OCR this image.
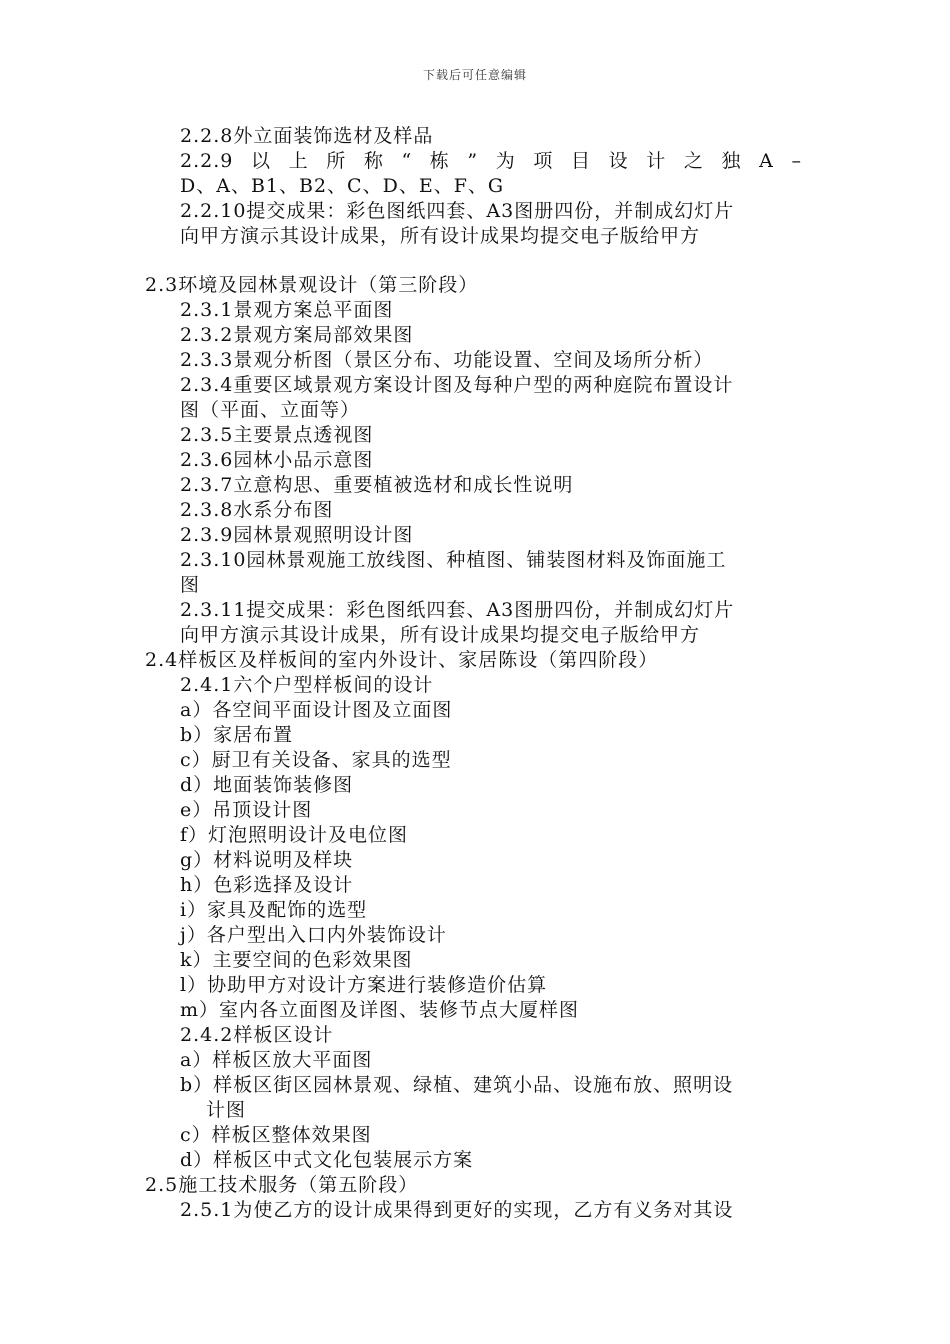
下载后可任意编辑
2.2.8外立面装饰选材及样品
2.2.9 以 上 所 称 “ 栋 ” 为 项 目 设 计 之 独 A –
D、A、B1、B2、C、D、E、F、G
2.2.10提交成果：彩色图纸四套、A3图册四份，并制成幻灯片
向甲方演示其设计成果，所有设计成果均提交电子版给甲方
2.3环境及园林景观设计（第三阶段）
2.3.1景观方案总平面图
2.3.2景观方案局部效果图
2.3.3景观分析图（景区分布、功能设置、空间及场所分析）
2.3.4重要区域景观方案设计图及每种户型的两种庭院布置设计
图（平面、立面等）
2.3.5主要景点透视图
2.3.6园林小品示意图
2.3.7立意构思、重要植被选材和成长性说明
2.3.8水系分布图
2.3.9园林景观照明设计图
2.3.10园林景观施工放线图、种植图、铺装图材料及饰面施工
图
2.3.11提交成果：彩色图纸四套、A3图册四份，并制成幻灯片
向甲方演示其设计成果，所有设计成果均提交电子版给甲方
2.4样板区及样板间的室内外设计、家居陈设（第四阶段）
2.4.1六个户型样板间的设计
a）各空间平面设计图及立面图
b）家居布置
c）厨卫有关设备、家具的选型
d）地面装饰装修图
e）吊顶设计图
f）灯泡照明设计及电位图
g）材料说明及样块
h）色彩选择及设计
i）家具及配饰的选型
j）各户型出入口内外装饰设计
k）主要空间的色彩效果图
l）协助甲方对设计方案进行装修造价估算
m）室内各立面图及详图、装修节点大厦样图
2.4.2样板区设计
a）样板区放大平面图
b）样板区街区园林景观、绿植、建筑小品、设施布放、照明设
计图
c）样板区整体效果图
d）样板区中式文化包装展示方案
2.5施工技术服务（第五阶段）
2.5.1为使乙方的设计成果得到更好的实现，乙方有义务对其设
